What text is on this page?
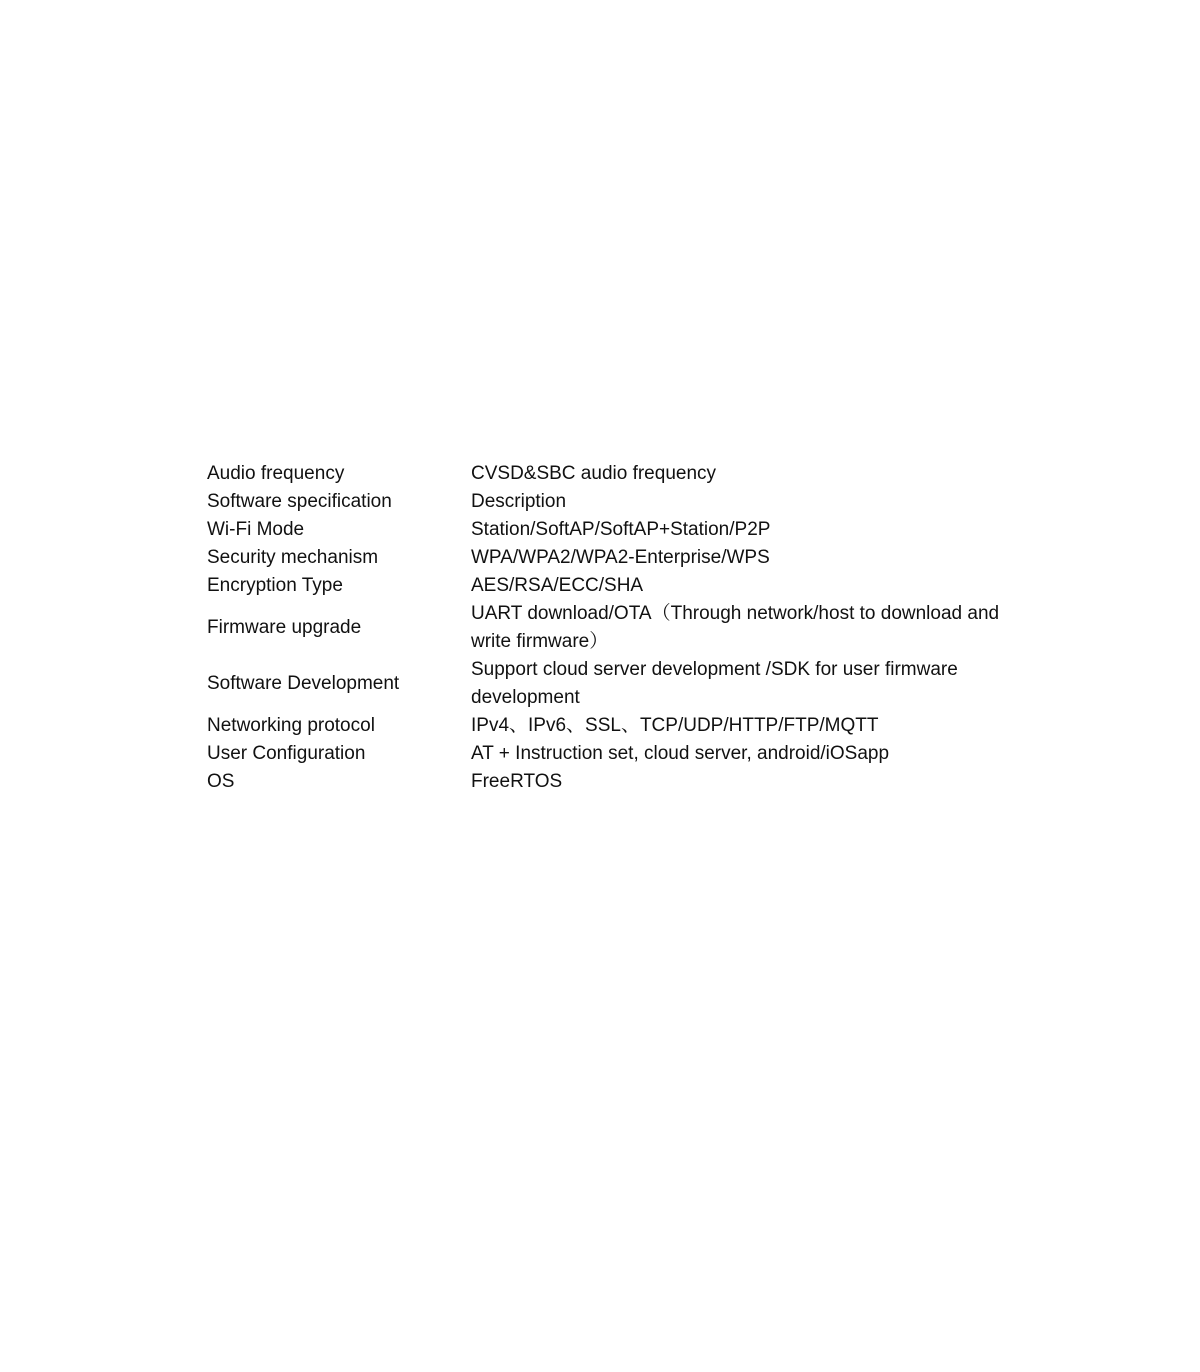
Audio frequency	CVSD&SBC audio frequency
Software specification	Description
Wi-Fi Mode	Station/SoftAP/SoftAP+Station/P2P
Security mechanism	WPA/WPA2/WPA2-Enterprise/WPS
Encryption Type	AES/RSA/ECC/SHA
Firmware upgrade	UART download/OTA（Through network/host to download and write firmware）
Software Development	Support cloud server development /SDK for user firmware development
Networking protocol	IPv4、IPv6、SSL、TCP/UDP/HTTP/FTP/MQTT
User Configuration	AT + Instruction set, cloud server, android/iOSapp
OS	FreeRTOS
